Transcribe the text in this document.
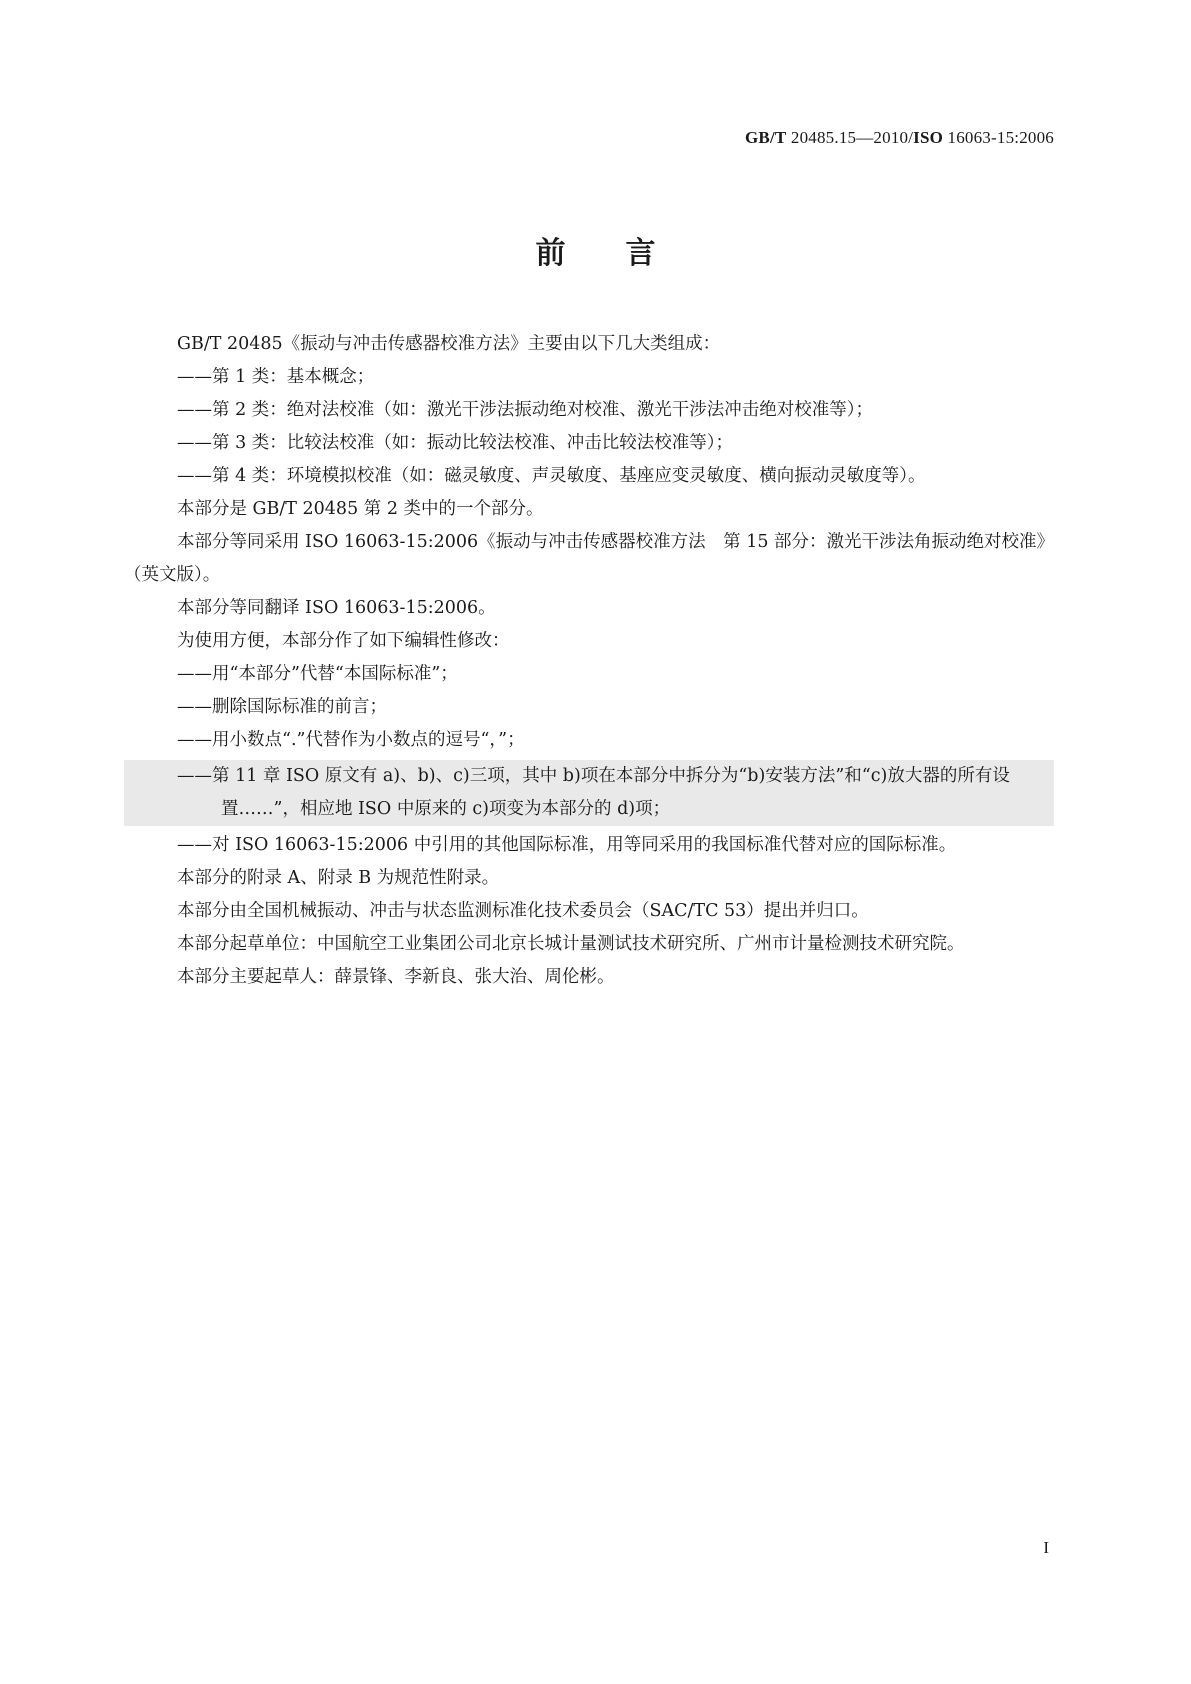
GB/T 20485.15—2010/ISO 16063-15:2006
前言

GB/T 20485《振动与冲击传感器校准方法》主要由以下几大类组成：

——第 1 类：基本概念；

——第 2 类：绝对法校准（如：激光干涉法振动绝对校准、激光干涉法冲击绝对校准等）；

——第 3 类：比较法校准（如：振动比较法校准、冲击比较法校准等）；

——第 4 类：环境模拟校准（如：磁灵敏度、声灵敏度、基座应变灵敏度、横向振动灵敏度等）。

本部分是 GB/T 20485 第 2 类中的一个部分。

本部分等同采用 ISO 16063-15:2006《振动与冲击传感器校准方法　第 15 部分：激光干涉法角振动绝对校准》（英文版）。

本部分等同翻译 ISO 16063-15:2006。

为使用方便，本部分作了如下编辑性修改：

——用“本部分”代替“本国际标准”；

——删除国际标准的前言；

——用小数点“.”代替作为小数点的逗号“，”；

——第 11 章 ISO 原文有 a)、b)、c)三项，其中 b)项在本部分中拆分为“b)安装方法”和“c)放大器的所有设置……”，相应地 ISO 中原来的 c)项变为本部分的 d)项；

——对 ISO 16063-15:2006 中引用的其他国际标准，用等同采用的我国标准代替对应的国际标准。

本部分的附录 A、附录 B 为规范性附录。

本部分由全国机械振动、冲击与状态监测标准化技术委员会（SAC/TC 53）提出并归口。

本部分起草单位：中国航空工业集团公司北京长城计量测试技术研究所、广州市计量检测技术研究院。

本部分主要起草人：薛景锋、李新良、张大治、周伦彬。

I
